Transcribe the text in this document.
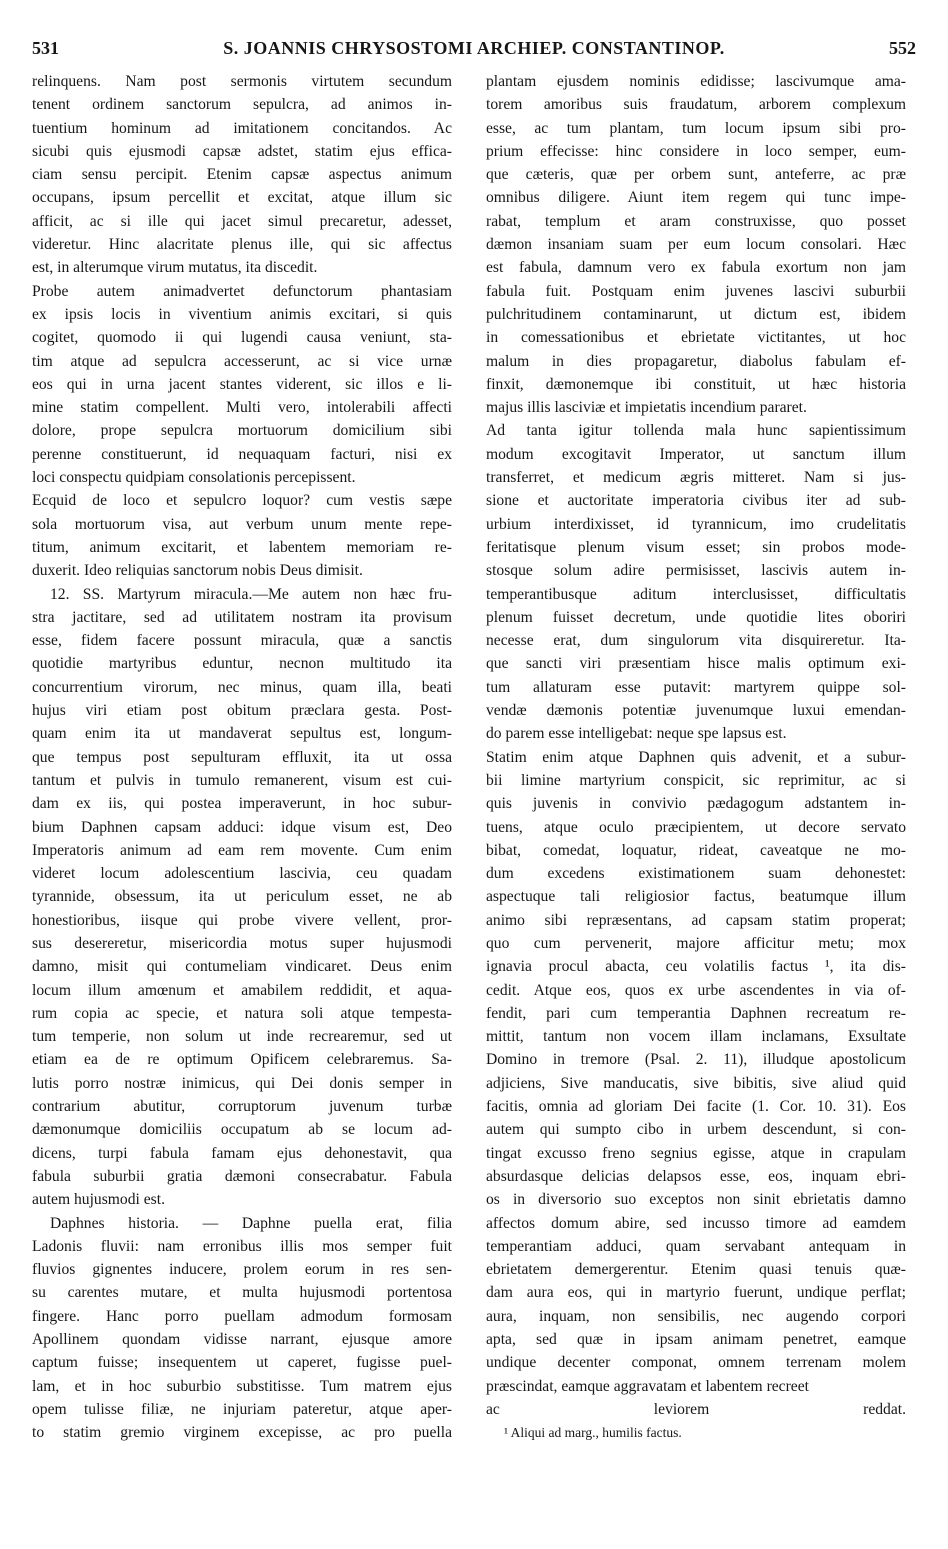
531	S. JOANNIS CHRYSOSTOMI ARCHIEP. CONSTANTINOP.	552
relinquens. Nam post sermonis virtutem secundum
tenent ordinem sanctorum sepulcra, ad animos in-
tuentium hominum ad imitationem concitandos. Ac
sicubi quis ejusmodi capsæ adstet, statim ejus effica-
ciam sensu percipit. Etenim capsæ aspectus animum
occupans, ipsum percellit et excitat, atque illum sic
afficit, ac si ille qui jacet simul precaretur, adesset,
videretur. Hinc alacritate plenus ille, qui sic affectus
est, in alterumque virum mutatus, ita discedit.
Probe autem animadvertet defunctorum phantasiam
ex ipsis locis in viventium animis excitari, si quis
cogitet, quomodo ii qui lugendi causa veniunt, sta-
tim atque ad sepulcra accesserunt, ac si vice urnæ
eos qui in urna jacent stantes viderent, sic illos e li-
mine statim compellent. Multi vero, intolerabili affecti
dolore, prope sepulcra mortuorum domicilium sibi
perenne constituerunt, id nequaquam facturi, nisi ex
loci conspectu quidpiam consolationis percepissent.
Ecquid de loco et sepulcro loquor? cum vestis sæpe
sola mortuorum visa, aut verbum unum mente repe-
titum, animum excitarit, et labentem memoriam re-
duxerit. Ideo reliquias sanctorum nobis Deus dimisit.
12. SS. Martyrum miracula.—Me autem non hæc fru-
stra jactitare, sed ad utilitatem nostram ita provisum
esse, fidem facere possunt miracula, quæ a sanctis
quotidie martyribus eduntur, necnon multitudo ita
concurrentium virorum, nec minus, quam illa, beati
hujus viri etiam post obitum præclara gesta. Post-
quam enim ita ut mandaverat sepultus est, longum-
que tempus post sepulturam effluxit, ita ut ossa
tantum et pulvis in tumulo remanerent, visum est cui-
dam ex iis, qui postea imperaverunt, in hoc subur-
bium Daphnen capsam adduci: idque visum est, Deo
Imperatoris animum ad eam rem movente. Cum enim
videret locum adolescentium lascivia, ceu quadam
tyrannide, obsessum, ita ut periculum esset, ne ab
honestioribus, iisque qui probe vivere vellent, pror-
sus desereretur, misericordia motus super hujusmodi
damno, misit qui contumeliam vindicaret. Deus enim
locum illum amœnum et amabilem reddidit, et aqua-
rum copia ac specie, et natura soli atque tempesta-
tum temperie, non solum ut inde recrearemur, sed ut
etiam ea de re optimum Opificem celebraremus. Sa-
lutis porro nostræ inimicus, qui Dei donis semper in
contrarium abutitur, corruptorum juvenum turbæ
dæmonumque domiciliis occupatum ab se locum ad-
dicens, turpi fabula famam ejus dehonestavit, qua
fabula suburbii gratia dæmoni consecrabatur. Fabula
autem hujusmodi est.
Daphnes historia. — Daphne puella erat, filia
Ladonis fluvii: nam erronibus illis mos semper fuit
fluvios gignentes inducere, prolem eorum in res sen-
su carentes mutare, et multa hujusmodi portentosa
fingere. Hanc porro puellam admodum formosam
Apollinem quondam vidisse narrant, ejusque amore
captum fuisse; insequentem ut caperet, fugisse puel-
lam, et in hoc suburbio substitisse. Tum matrem ejus
opem tulisse filiæ, ne injuriam pateretur, atque aper-
to statim gremio virginem excepisse, ac pro puella
plantam ejusdem nominis edidisse; lascivumque ama-
torem amoribus suis fraudatum, arborem complexum
esse, ac tum plantam, tum locum ipsum sibi pro-
prium effecisse: hinc considere in loco semper, eum-
que cæteris, quæ per orbem sunt, anteferre, ac præ
omnibus diligere. Aiunt item regem qui tunc impe-
rabat, templum et aram construxisse, quo posset
dæmon insaniam suam per eum locum consolari. Hæc
est fabula, damnum vero ex fabula exortum non jam
fabula fuit. Postquam enim juvenes lascivi suburbii
pulchritudinem contaminarunt, ut dictum est, ibidem
in comessationibus et ebrietate victitantes, ut hoc
malum in dies propagaretur, diabolus fabulam ef-
finxit, dæmonemque ibi constituit, ut hæc historia
majus illis lasciviæ et impietatis incendium pararet.
Ad tanta igitur tollenda mala hunc sapientissimum
modum excogitavit Imperator, ut sanctum illum
transferret, et medicum ægris mitteret. Nam si jus-
sione et auctoritate imperatoria civibus iter ad sub-
urbium interdixisset, id tyrannicum, imo crudelitatis
feritatisque plenum visum esset; sin probos mode-
stosque solum adire permisisset, lascivis autem in-
temperantibusque aditum interclusisset, difficultatis
plenum fuisset decretum, unde quotidie lites oboriri
necesse erat, dum singulorum vita disquireretur. Ita-
que sancti viri præsentiam hisce malis optimum exi-
tum allaturam esse putavit: martyrem quippe sol-
vendæ dæmonis potentiæ juvenumque luxui emendan-
do parem esse intelligebat: neque spe lapsus est.
Statim enim atque Daphnen quis advenit, et a subur-
bii limine martyrium conspicit, sic reprimitur, ac si
quis juvenis in convivio pædagogum adstantem in-
tuens, atque oculo præcipientem, ut decore servato
bibat, comedat, loquatur, rideat, caveatque ne mo-
dum excedens existimationem suam dehonestet:
aspectuque tali religiosior factus, beatumque illum
animo sibi repræsentans, ad capsam statim properat;
quo cum pervenerit, majore afficitur metu; mox
ignavia procul abacta, ceu volatilis factus ¹, ita dis-
cedit. Atque eos, quos ex urbe ascendentes in via of-
fendit, pari cum temperantia Daphnen recreatum re-
mittit, tantum non vocem illam inclamans, Exsultate
Domino in tremore (Psal. 2. 11), illudque apostolicum
adjiciens, Sive manducatis, sive bibitis, sive aliud quid
facitis, omnia ad gloriam Dei facite (1. Cor. 10. 31). Eos
autem qui sumpto cibo in urbem descendunt, si con-
tingat excusso freno segnius egisse, atque in crapulam
absurdasque delicias delapsos esse, eos, inquam ebri-
os in diversorio suo exceptos non sinit ebrietatis damno
affectos domum abire, sed incusso timore ad eamdem
temperantiam adduci, quam servabant antequam in
ebrietatem demergerentur. Etenim quasi tenuis quæ-
dam aura eos, qui in martyrio fuerunt, undique perflat;
aura, inquam, non sensibilis, nec augendo corpori
apta, sed quæ in ipsam animam penetret, eamque
undique decenter componat, omnem terrenam molem
præscindat, eamque aggravatam et labentem recreet
ac leviorem reddat.
¹ Aliqui ad marg., humilis factus.
